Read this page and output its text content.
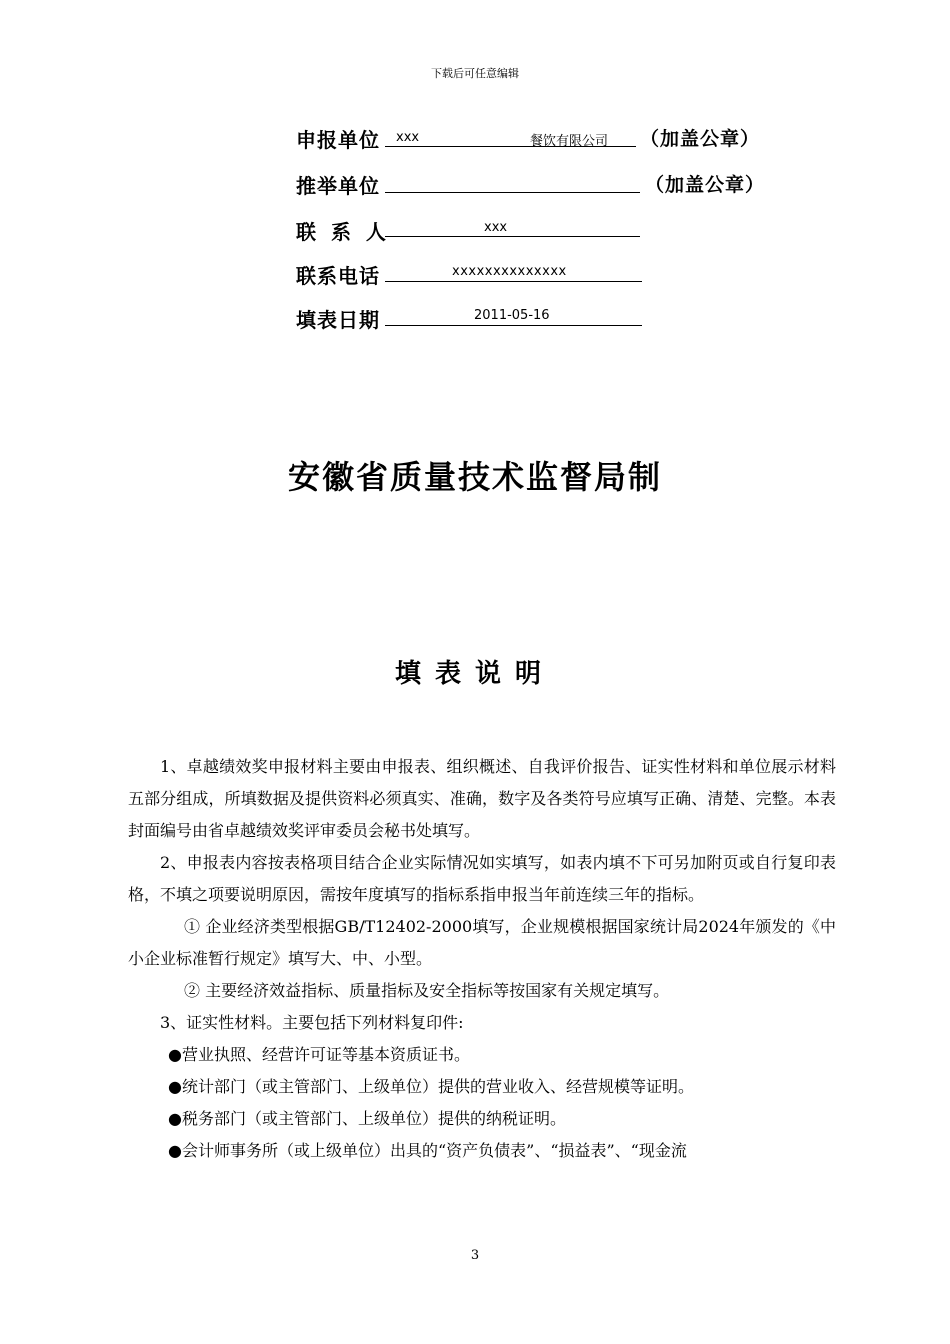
下载后可任意编辑
申报单位 xxx	餐饮有限公司 （加盖公章）
推举单位	（加盖公章）
联 系 人	xxx
联系电话	xxxxxxxxxxxxxx
填表日期	2011-05-16
安徽省质量技术监督局制
填表说明

1、卓越绩效奖申报材料主要由申报表、组织概述、自我评价报告、证实性材料和单位展示材料五部分组成，所填数据及提供资料必须真实、准确，数字及各类符号应填写正确、清楚、完整。本表封面编号由省卓越绩效奖评审委员会秘书处填写。

2、申报表内容按表格项目结合企业实际情况如实填写，如表内填不下可另加附页或自行复印表格，不填之项要说明原因，需按年度填写的指标系指申报当年前连续三年的指标。

① 企业经济类型根据GB/T12402-2000填写，企业规模根据国家统计局2024年颁发的《中小企业标准暂行规定》填写大、中、小型。

② 主要经济效益指标、质量指标及安全指标等按国家有关规定填写。

3、证实性材料。主要包括下列材料复印件:

●营业执照、经营许可证等基本资质证书。

●统计部门（或主管部门、上级单位）提供的营业收入、经营规模等证明。

●税务部门（或主管部门、上级单位）提供的纳税证明。

●会计师事务所（或上级单位）出具的“资产负债表”、“损益表”、“现金流

3
